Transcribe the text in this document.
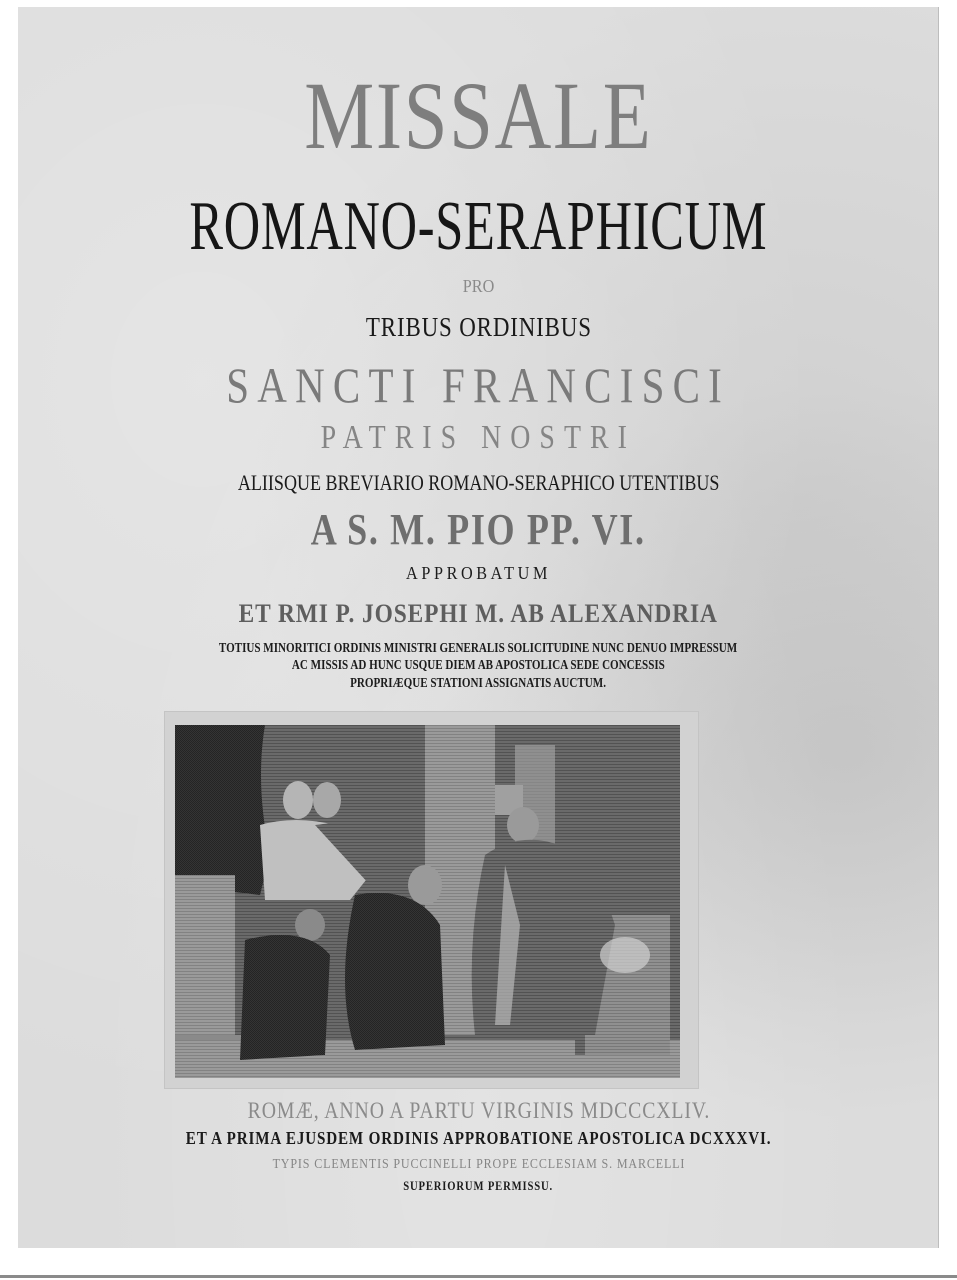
MISSALE
ROMANO-SERAPHICUM
PRO
TRIBUS ORDINIBUS
SANCTI FRANCISCI
PATRIS NOSTRI
ALIISQUE BREVIARIO ROMANO-SERAPHICO UTENTIBUS
A S. M. PIO PP. VI.
APPROBATUM
ET RMI P. JOSEPHI M. AB ALEXANDRIA
TOTIUS MINORITICI ORDINIS MINISTRI GENERALIS SOLICITUDINE NUNC DENUO IMPRESSUM
AC MISSIS AD HUNC USQUE DIEM AB APOSTOLICA SEDE CONCESSIS
PROPRIÆQUE STATIONI ASSIGNATIS AUCTUM.
ROMÆ, ANNO A PARTU VIRGINIS MDCCCXLIV.
ET A PRIMA EJUSDEM ORDINIS APPROBATIONE APOSTOLICA DCXXXVI.
TYPIS CLEMENTIS PUCCINELLI PROPE ECCLESIAM S. MARCELLI
SUPERIORUM PERMISSU.
